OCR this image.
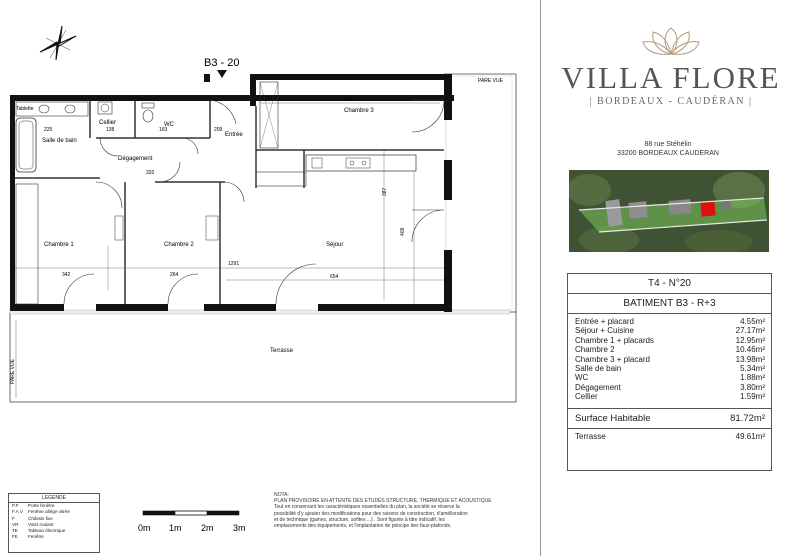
Tablette
Salle de bain
Cellier	WC
Dégagement
Entrée
Chambre 3
Chambre 1	Chambre 2	Séjour
Terrasse
886
225	138	163	209
332
1291
654
264
342
387
409
PARE VUE
PARE VUE
B3 - 20
0m 1m 2m 3m
LEGENDE
P.F	Porte fenêtre
F.A.V	Fenêtre allège vitrée
F	Châssis fixe
VR	Volet roulant
TE	Tableau électrique
FE	Fenêtre
NOTA:
PLAN PROVISOIRE EN ATTENTE DES ETUDES STRUCTURE, THERMIQUE ET ACOUSTIQUE
Tout en conservant les caractéristiques essentielles du plan, la société se réserve la
possibilité d'y ajouter des modifications pour des raisons de construction, d'amélioration
et de technique (gaines, structure, sofites ...) . Sont figurés à titre indicatif, les
emplacements des équipements, et l'implantation de principe des faux-plafonds.
VILLA FLORE
| BORDEAUX - CAUDÉRAN |
88 rue Stéhélin
33200 BORDEAUX CAUDERAN
T4 - N°20
BATIMENT B3 - R+3
Entrée + placard	4.55m²
Séjour + Cuisine	27.17m²
Chambre 1 + placards	12.95m²
Chambre 2	10.46m²
Chambre 3 + placard	13.98m²
Salle de bain	5.34m²
WC	1.88m²
Dégagement	3.80m²
Cellier	1.59m²
Surface Habitable	81.72m²
Terrasse	49.61m²
